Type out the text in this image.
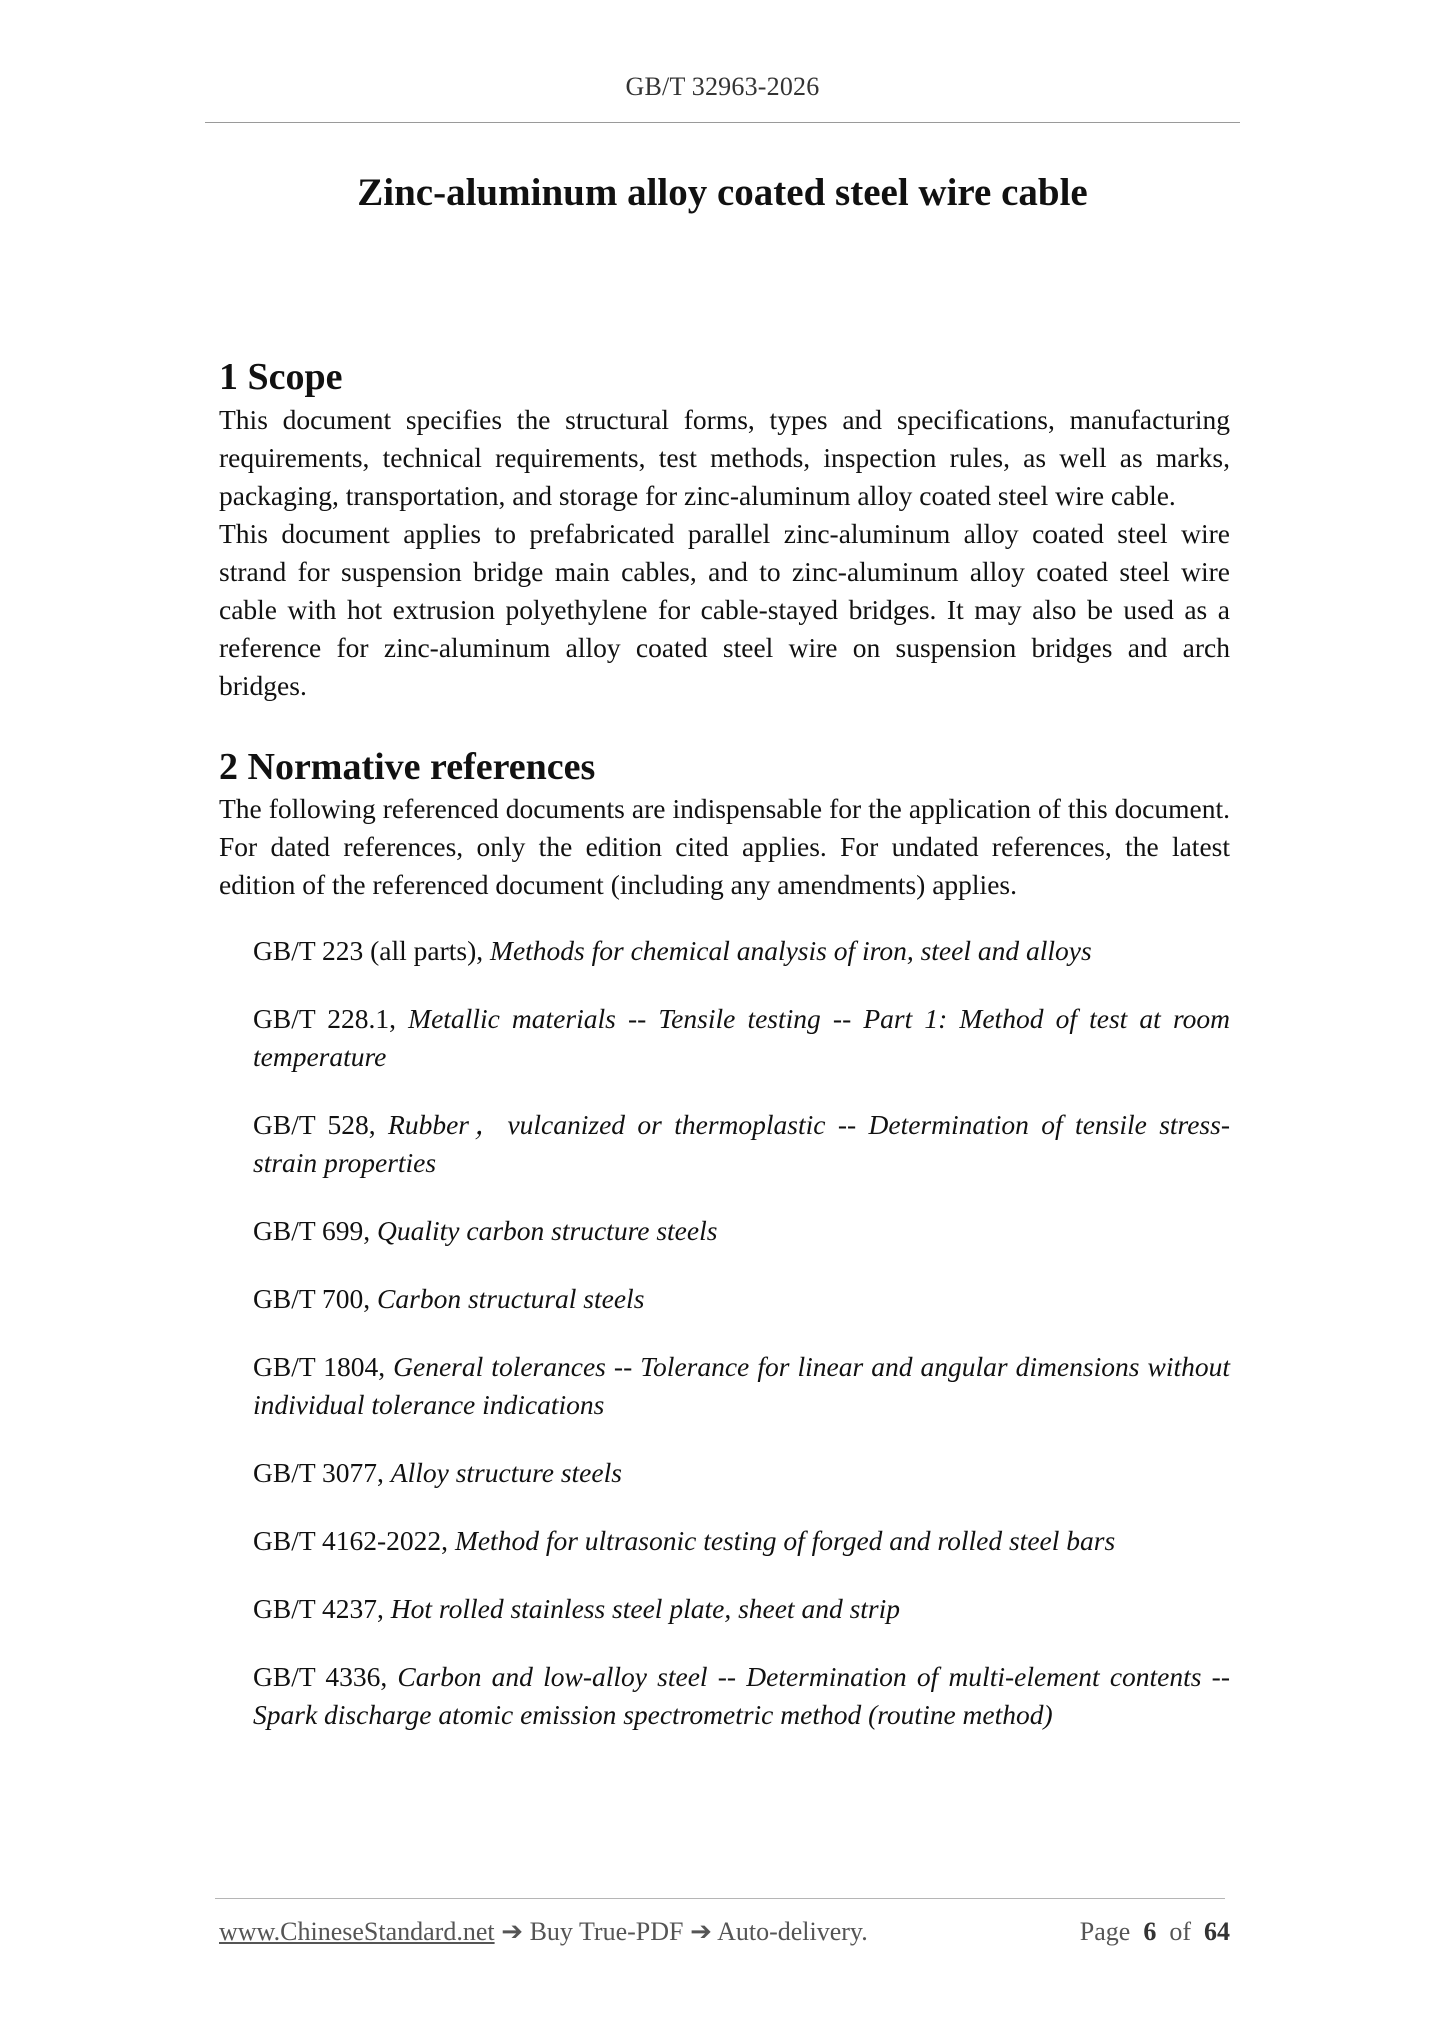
GB/T 32963-2026
Zinc-aluminum alloy coated steel wire cable
1 Scope

This document specifies the structural forms, types and specifications, manufacturing requirements, technical requirements, test methods, inspection rules, as well as marks, packaging, transportation, and storage for zinc-aluminum alloy coated steel wire cable.

This document applies to prefabricated parallel zinc-aluminum alloy coated steel wire strand for suspension bridge main cables, and to zinc-aluminum alloy coated steel wire cable with hot extrusion polyethylene for cable-stayed bridges. It may also be used as a reference for zinc-aluminum alloy coated steel wire on suspension bridges and arch bridges.

2 Normative references

The following referenced documents are indispensable for the application of this document. For dated references, only the edition cited applies. For undated references, the latest edition of the referenced document (including any amendments) applies.

GB/T 223 (all parts), Methods for chemical analysis of iron, steel and alloys
GB/T 228.1, Metallic materials -- Tensile testing -- Part 1: Method of test at room temperature
GB/T 528, Rubber，vulcanized or thermoplastic -- Determination of tensile stress-strain properties
GB/T 699, Quality carbon structure steels
GB/T 700, Carbon structural steels
GB/T 1804, General tolerances -- Tolerance for linear and angular dimensions without individual tolerance indications
GB/T 3077, Alloy structure steels
GB/T 4162-2022, Method for ultrasonic testing of forged and rolled steel bars
GB/T 4237, Hot rolled stainless steel plate, sheet and strip
GB/T 4336, Carbon and low-alloy steel -- Determination of multi-element contents -- Spark discharge atomic emission spectrometric method (routine method)
www.ChineseStandard.net ➔ Buy True-PDF ➔ Auto-delivery.	Page 6 of 64
